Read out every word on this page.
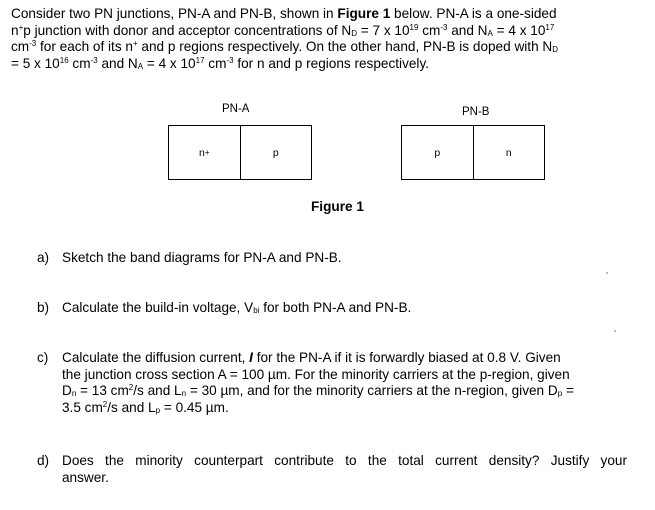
Consider two PN junctions, PN-A and PN-B, shown in Figure 1 below. PN-A is a one-sided

n+p junction with donor and acceptor concentrations of $N_D = 7$ x $10^{19}$ $cm^{-3}$ and $N_A = 4$ x $10^{17}$

$cm^{-3}$ for each of its n+ and p regions respectively. On the other hand, PN-B is doped with $N_D$

= 5 x $10^{16}$ $cm^{-3}$ and $N_A = 4$ x $10^{17}$ $cm^{-3}$ for n and p regions respectively.

PN-A	PN-B
n +	p	p	n
Figure 1
a) Sketch the band diagrams for PN-A and PN-B.

b) Calculate the build-in voltage, $V_{bi}$ for both PN-A and PN-B.

c)	Calculate the diffusion current, I for the PN-A if it is forwardly biased at 0.8 V. Given

the junction cross section A = 100 µm. For the minority carriers at the p-region, given

$D_n = 13$ $cm^2/s$ and $L_n = 30$ µm, and for the minority carriers at the n-region, given $D_p$ =

3.5 $cm^2/s$ and $L_p = 0.45$ µm.

d) Does the minority counterpart contribute to the total current density? Justify your

answer.
